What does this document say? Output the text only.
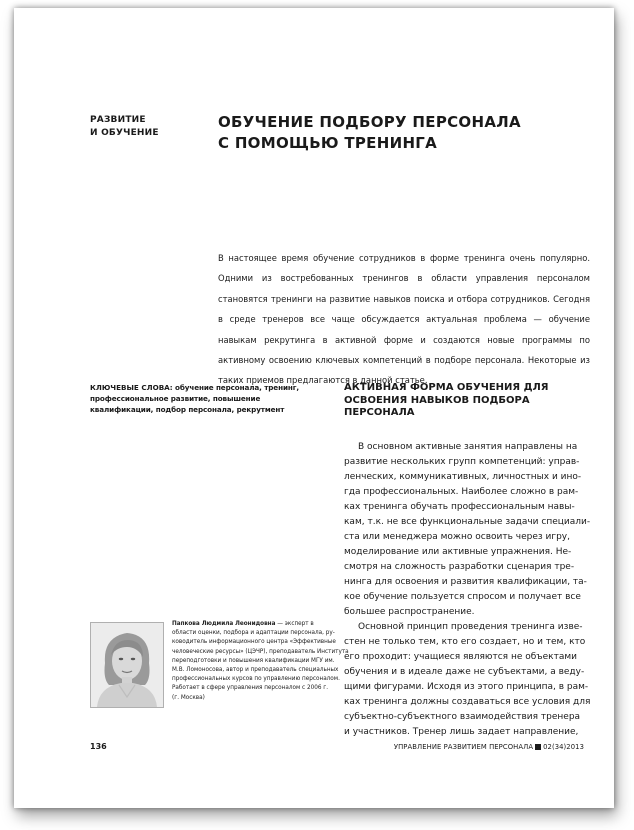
РАЗВИТИЕ
И ОБУЧЕНИЕ
ОБУЧЕНИЕ ПОДБОРУ ПЕРСОНАЛА
С ПОМОЩЬЮ ТРЕНИНГА

В настоящее время обучение сотрудников в форме тренинга очень популярно. Одними из востребованных тренингов в области управления персоналом становятся тренинги на развитие навыков поиска и отбора сотрудников. Сегодня в среде тренеров все чаще обсуждается актуальная проблема — обучение навыкам рекрутинга в активной форме и создаются новые программы по активному освоению ключевых компетенций в подборе персонала. Некоторые из таких приемов предлагаются в данной статье.

КЛЮЧЕВЫЕ СЛОВА: обучение персонала, тренинг, профессиональное развитие, повышение квалификации, подбор персонала, рекрутмент
АКТИВНАЯ ФОРМА ОБУЧЕНИЯ ДЛЯ
ОСВОЕНИЯ НАВЫКОВ ПОДБОРА
ПЕРСОНАЛА
В основном активные занятия направлены на
развитие нескольких групп компетенций: управ-
ленческих, коммуникативных, личностных и ино-
гда профессиональных. Наиболее сложно в рам-
ках тренинга обучать профессиональным навы-
кам, т.к. не все функциональные задачи специали-
ста или менеджера можно освоить через игру,
моделирование или активные упражнения. Не-
смотря на сложность разработки сценария тре-
нинга для освоения и развития квалификации, та-
кое обучение пользуется спросом и получает все
большее распространение.
Основной принцип проведения тренинга изве-
стен не только тем, кто его создает, но и тем, кто
его проходит: учащиеся являются не объектами
обучения и в идеале даже не субъектами, а веду-
щими фигурами. Исходя из этого принципа, в рам-
ках тренинга должны создаваться все условия для
субъектно-субъектного взаимодействия тренера
и участников. Тренер лишь задает направление,
Папкова Людмила Леонидовна — эксперт в
области оценки, подбора и адаптации персонала, ру-
ководитель информационного центра «Эффективные
человеческие ресурсы» (ЦЭЧР), преподаватель Института
переподготовки и повышения квалификации МГУ им.
М.В. Ломоносова, автор и преподаватель специальных
профессиональных курсов по управлению персоналом.
Работает в сфере управления персоналом с 2006 г.
(г. Москва)
136	УПРАВЛЕНИЕ РАЗВИТИЕМ ПЕРСОНАЛА 02(34)2013
